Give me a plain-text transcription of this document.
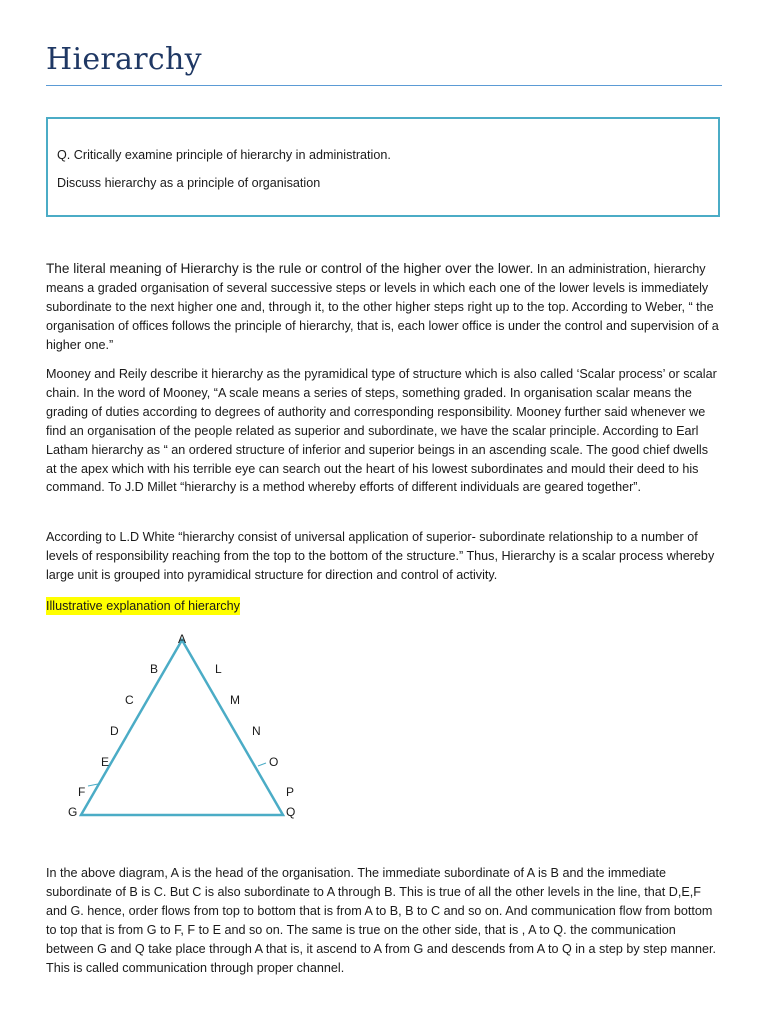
Hierarchy
Q. Critically examine principle of hierarchy in administration.
Discuss hierarchy as a principle of organisation

The literal meaning of Hierarchy is the rule or control of the higher over the lower. In an administration, hierarchy means a graded organisation of several successive steps or levels in which each one of the lower levels is immediately subordinate to the next higher one and, through it, to the other higher steps right up to the top. According to Weber, “ the organisation of offices follows the principle of hierarchy, that is, each lower office is under the control and supervision of a higher one.”

Mooney and Reily describe it hierarchy as the pyramidical type of structure which is also called ‘Scalar process’ or scalar chain. In the word of Mooney, “A scale means a series of steps, something graded. In organisation scalar means the grading of duties according to degrees of authority and corresponding responsibility. Mooney further said whenever we find an organisation of the people related as superior and subordinate, we have the scalar principle. According to Earl Latham hierarchy as “ an ordered structure of inferior and superior beings in an ascending scale. The good chief dwells at the apex which with his terrible eye can search out the heart of his lowest subordinates and mould their deed to his command. To J.D Millet “hierarchy is a method whereby efforts of different individuals are geared together”.

According to L.D White “hierarchy consist of universal application of superior- subordinate relationship to a number of levels of responsibility reaching from the top to the bottom of the structure.” Thus, Hierarchy is a scalar process whereby large unit is grouped into pyramidical structure for direction and control of activity.

Illustrative explanation of hierarchy
A
B
C
D
E
F
G
L
M
N
O
P
Q

In the above diagram, A is the head of the organisation. The immediate subordinate of A is B and the immediate subordinate of B is C. But C is also subordinate to A through B. This is true of all the other levels in the line, that D,E,F and G. hence, order flows from top to bottom that is from A to B, B to C and so on. And communication flow from bottom to top that is from G to F, F to E and so on. The same is true on the other side, that is , A to Q. the communication between G and Q take place through A that is, it ascend to A from G and descends from A to Q in a step by step manner. This is called communication through proper channel.
